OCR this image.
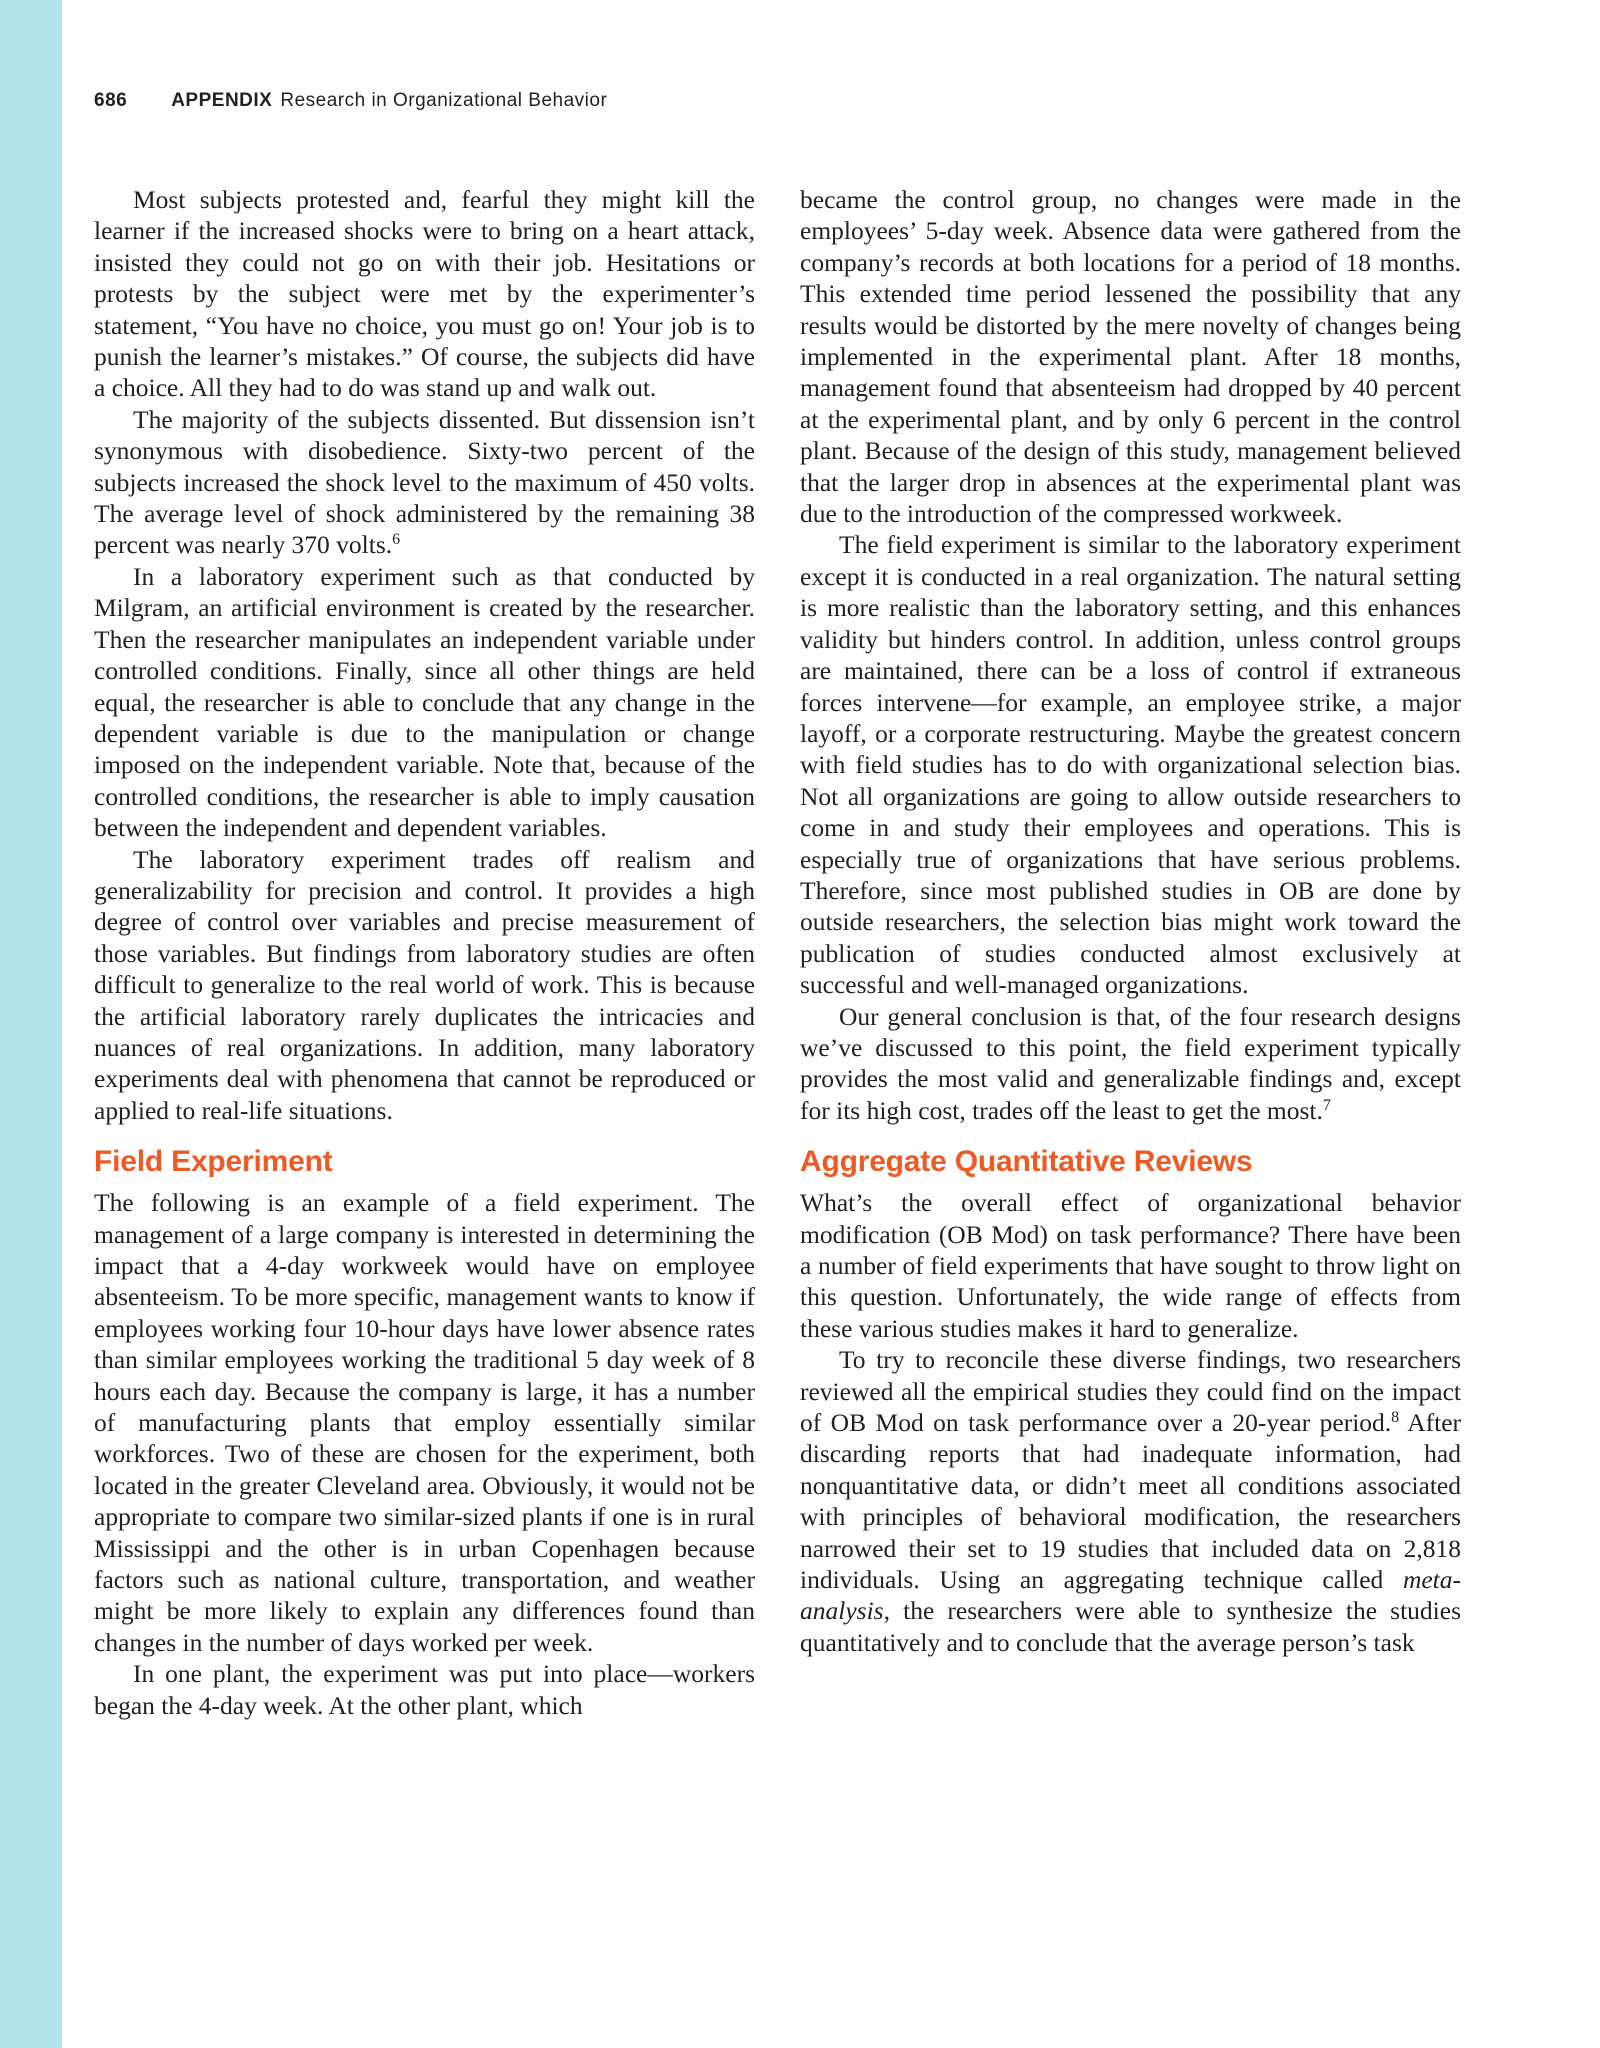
686 APPENDIX Research in Organizational Behavior

Most subjects protested and, fearful they might kill the learner if the increased shocks were to bring on a heart attack, insisted they could not go on with their job. Hesitations or protests by the subject were met by the experimenter’s statement, “You have no choice, you must go on! Your job is to punish the learner’s mistakes.” Of course, the subjects did have a choice. All they had to do was stand up and walk out.

The majority of the subjects dissented. But dissension isn’t synonymous with disobedience. Sixty-two percent of the subjects increased the shock level to the maximum of 450 volts. The average level of shock administered by the remaining 38 percent was nearly 370 volts.$^6$

In a laboratory experiment such as that conducted by Milgram, an artificial environment is created by the researcher. Then the researcher manipulates an independent variable under controlled conditions. Finally, since all other things are held equal, the researcher is able to conclude that any change in the dependent variable is due to the manipulation or change imposed on the independent variable. Note that, because of the controlled conditions, the researcher is able to imply causation between the independent and dependent variables.

The laboratory experiment trades off realism and generalizability for precision and control. It provides a high degree of control over variables and precise measurement of those variables. But findings from laboratory studies are often difficult to generalize to the real world of work. This is because the artificial laboratory rarely duplicates the intricacies and nuances of real organizations. In addition, many laboratory experiments deal with phenomena that cannot be reproduced or applied to real-life situations.

Field Experiment

The following is an example of a field experiment. The management of a large company is interested in determining the impact that a 4-day workweek would have on employee absenteeism. To be more specific, management wants to know if employees working four 10-hour days have lower absence rates than similar employees working the traditional 5 day week of 8 hours each day. Because the company is large, it has a number of manufacturing plants that employ essentially similar workforces. Two of these are chosen for the experiment, both located in the greater Cleveland area. Obviously, it would not be appropriate to compare two similar-sized plants if one is in rural Mississippi and the other is in urban Copenhagen because factors such as national culture, transportation, and weather might be more likely to explain any differences found than changes in the number of days worked per week.

In one plant, the experiment was put into place—workers began the 4-day week. At the other plant, which

became the control group, no changes were made in the employees’ 5-day week. Absence data were gathered from the company’s records at both locations for a period of 18 months. This extended time period lessened the possibility that any results would be distorted by the mere novelty of changes being implemented in the experimental plant. After 18 months, management found that absenteeism had dropped by 40 percent at the experimental plant, and by only 6 percent in the control plant. Because of the design of this study, management believed that the larger drop in absences at the experimental plant was due to the introduction of the compressed workweek.

The field experiment is similar to the laboratory experiment except it is conducted in a real organization. The natural setting is more realistic than the laboratory setting, and this enhances validity but hinders control. In addition, unless control groups are maintained, there can be a loss of control if extraneous forces intervene—for example, an employee strike, a major layoff, or a corporate restructuring. Maybe the greatest concern with field studies has to do with organizational selection bias. Not all organizations are going to allow outside researchers to come in and study their employees and operations. This is especially true of organizations that have serious problems. Therefore, since most published studies in OB are done by outside researchers, the selection bias might work toward the publication of studies conducted almost exclusively at successful and well-managed organizations.

Our general conclusion is that, of the four research designs we’ve discussed to this point, the field experiment typically provides the most valid and generalizable findings and, except for its high cost, trades off the least to get the most.$^7$

Aggregate Quantitative Reviews

What’s the overall effect of organizational behavior modification (OB Mod) on task performance? There have been a number of field experiments that have sought to throw light on this question. Unfortunately, the wide range of effects from these various studies makes it hard to generalize.

To try to reconcile these diverse findings, two researchers reviewed all the empirical studies they could find on the impact of OB Mod on task performance over a 20-year period.$^8$ After discarding reports that had inadequate information, had nonquantitative data, or didn’t meet all conditions associated with principles of behavioral modification, the researchers narrowed their set to 19 studies that included data on 2,818 individuals. Using an aggregating technique called meta-analysis, the researchers were able to synthesize the studies quantitatively and to conclude that the average person’s task
